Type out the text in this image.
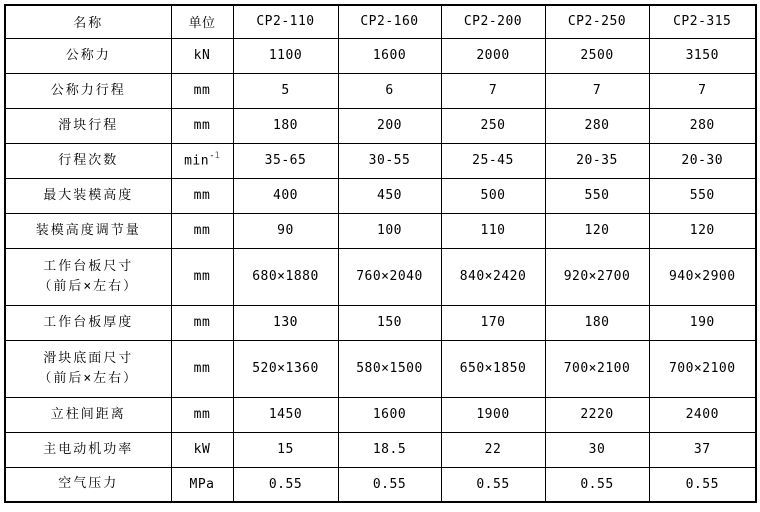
名称	单位	CP2-110	CP2-160	CP2-200	CP2-250	CP2-315

公称力	kN	1100	1600	2000	2500	3150

公称力行程	mm	5	6	7	7	7

滑块行程	mm	180	200	250	280	280

行程次数	$\min^{-1}$	35-65	30-55	25-45	20-35	20-30

最大装模高度	mm	400	450	500	550	550

装模高度调节量	mm	90	100	110	120	120

工作台板尺寸
（前后×左右）	mm	680×1880	760×2040	840×2420	920×2700	940×2900

工作台板厚度	mm	130	150	170	180	190

滑块底面尺寸
（前后×左右）	mm	520×1360	580×1500	650×1850	700×2100	700×2100

立柱间距离	mm	1450	1600	1900	2220	2400

主电动机功率	kW	15	18.5	22	30	37

空气压力	MPa	0.55	0.55	0.55	0.55	0.55
